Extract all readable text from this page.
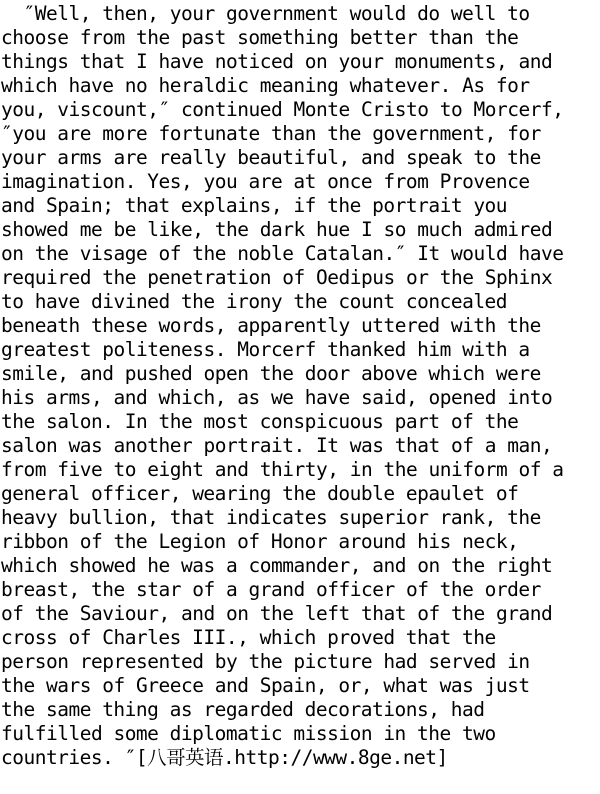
″Well, then, your government would do well to
choose from the past something better than the
things that I have noticed on your monuments, and
which have no heraldic meaning whatever. As for
you, viscount,″ continued Monte Cristo to Morcerf,
″you are more fortunate than the government, for
your arms are really beautiful, and speak to the
imagination. Yes, you are at once from Provence
and Spain; that explains, if the portrait you
showed me be like, the dark hue I so much admired
on the visage of the noble Catalan.″ It would have
required the penetration of Oedipus or the Sphinx
to have divined the irony the count concealed
beneath these words, apparently uttered with the
greatest politeness. Morcerf thanked him with a
smile, and pushed open the door above which were
his arms, and which, as we have said, opened into
the salon. In the most conspicuous part of the
salon was another portrait. It was that of a man,
from five to eight and thirty, in the uniform of a
general officer, wearing the double epaulet of
heavy bullion, that indicates superior rank, the
ribbon of the Legion of Honor around his neck,
which showed he was a commander, and on the right
breast, the star of a grand officer of the order
of the Saviour, and on the left that of the grand
cross of Charles III., which proved that the
person represented by the picture had served in
the wars of Greece and Spain, or, what was just
the same thing as regarded decorations, had
fulfilled some diplomatic mission in the two
countries. ″[八哥英语.http://www.8ge.net]
